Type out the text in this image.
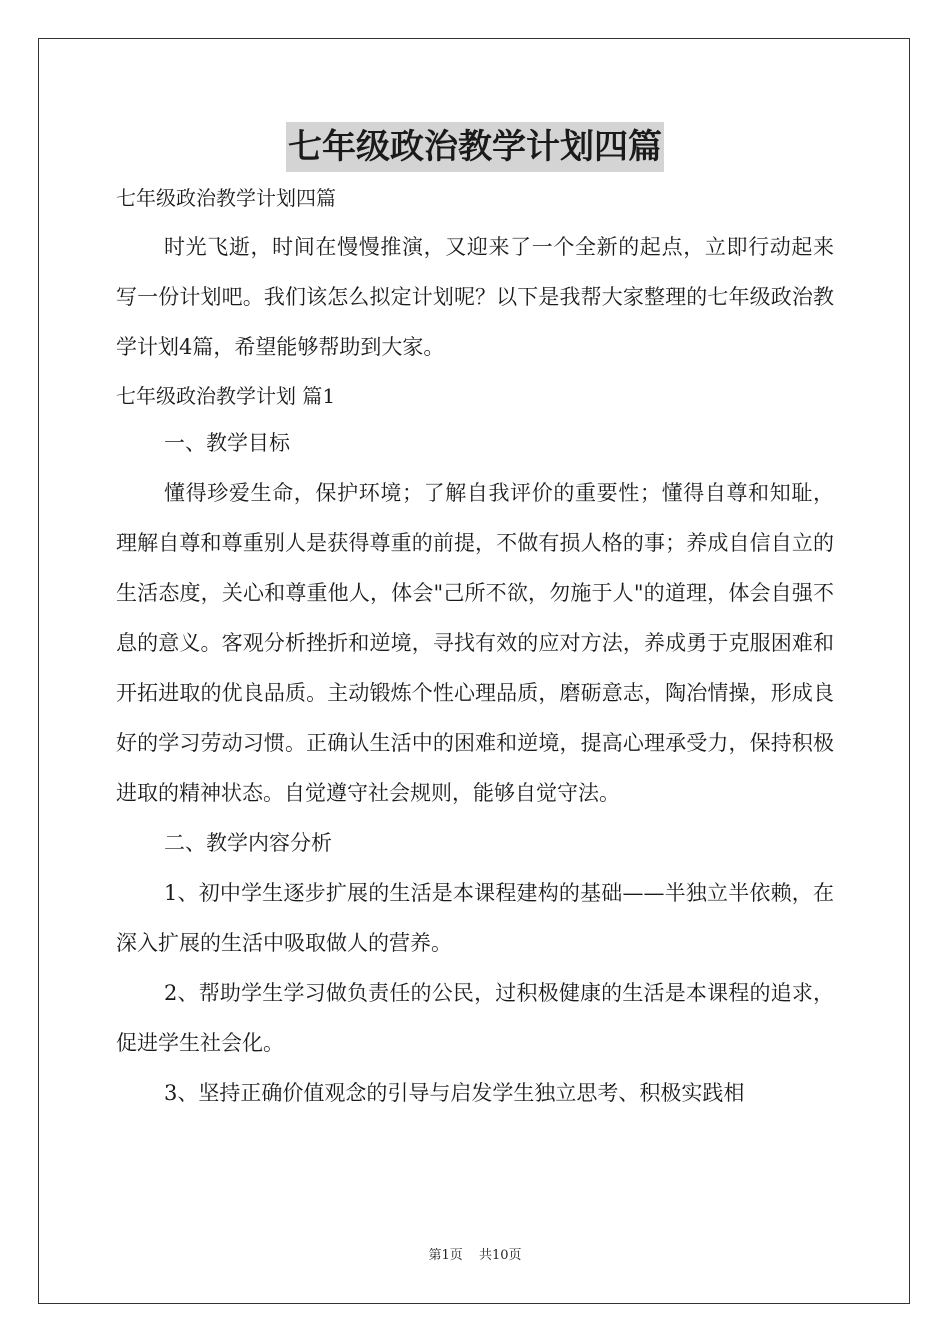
七年级政治教学计划四篇

七年级政治教学计划四篇

时光飞逝，时间在慢慢推演，又迎来了一个全新的起点，立即行动起来写一份计划吧。我们该怎么拟定计划呢？以下是我帮大家整理的七年级政治教学计划4篇，希望能够帮助到大家。

七年级政治教学计划 篇1

一、教学目标

懂得珍爱生命，保护环境；了解自我评价的重要性；懂得自尊和知耻，理解自尊和尊重别人是获得尊重的前提，不做有损人格的事；养成自信自立的生活态度，关心和尊重他人，体会"己所不欲，勿施于人"的道理，体会自强不息的意义。客观分析挫折和逆境，寻找有效的应对方法，养成勇于克服困难和开拓进取的优良品质。主动锻炼个性心理品质，磨砺意志，陶冶情操，形成良好的学习劳动习惯。正确认生活中的困难和逆境，提高心理承受力，保持积极进取的精神状态。自觉遵守社会规则，能够自觉守法。

二、教学内容分析

1、初中学生逐步扩展的生活是本课程建构的基础——半独立半依赖，在深入扩展的生活中吸取做人的营养。

2、帮助学生学习做负责任的公民，过积极健康的生活是本课程的追求，促进学生社会化。

3、坚持正确价值观念的引导与启发学生独立思考、积极实践相

第1页 共10页
